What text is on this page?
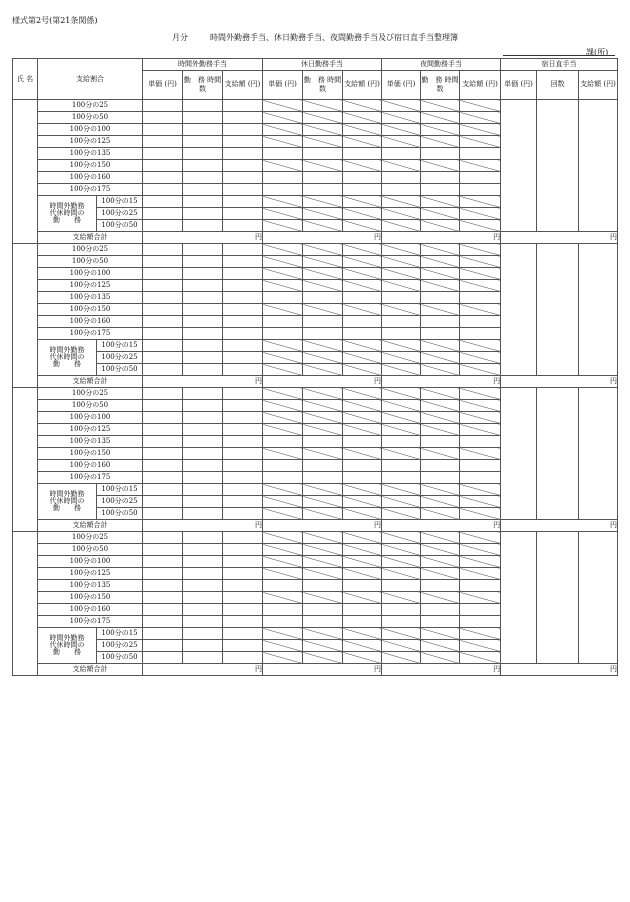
様式第2号(第21条関係)
月分	時間外勤務手当、休日勤務手当、夜間勤務手当及び宿日直手当整理簿
課(所)
氏 名	支給割合		時間外勤務手当			休日勤務手当			夜間勤務手当			宿日直手当		
			単価 (円)	勤　務 時間数	支給額 (円)	単価 (円)	勤　務 時間数	支給額 (円)	単価 (円)	勤　務 時間数	支給額 (円)	単価 (円)	回数	支給額 (円)
	100分の25													
	100分の50													
	100分の100													
	100分の125													
	100分の135													
	100分の150													
	100分の160													
	100分の175													
	時間外勤務
代休時間の
勤　　務	100分の15												
		100分の25												
		100分の50												
	支給額合計		円			円			円			円		
	100分の25													
	100分の50													
	100分の100													
	100分の125													
	100分の135													
	100分の150													
	100分の160													
	100分の175													
	時間外勤務
代休時間の
勤　　務	100分の15												
		100分の25												
		100分の50												
	支給額合計		円			円			円			円		
	100分の25													
	100分の50													
	100分の100													
	100分の125													
	100分の135													
	100分の150													
	100分の160													
	100分の175													
	時間外勤務
代休時間の
勤　　務	100分の15												
		100分の25												
		100分の50												
	支給額合計		円			円			円			円		
	100分の25													
	100分の50													
	100分の100													
	100分の125													
	100分の135													
	100分の150													
	100分の160													
	100分の175													
	時間外勤務
代休時間の
勤　　務	100分の15												
		100分の25												
		100分の50												
	支給額合計		円			円			円			円		
